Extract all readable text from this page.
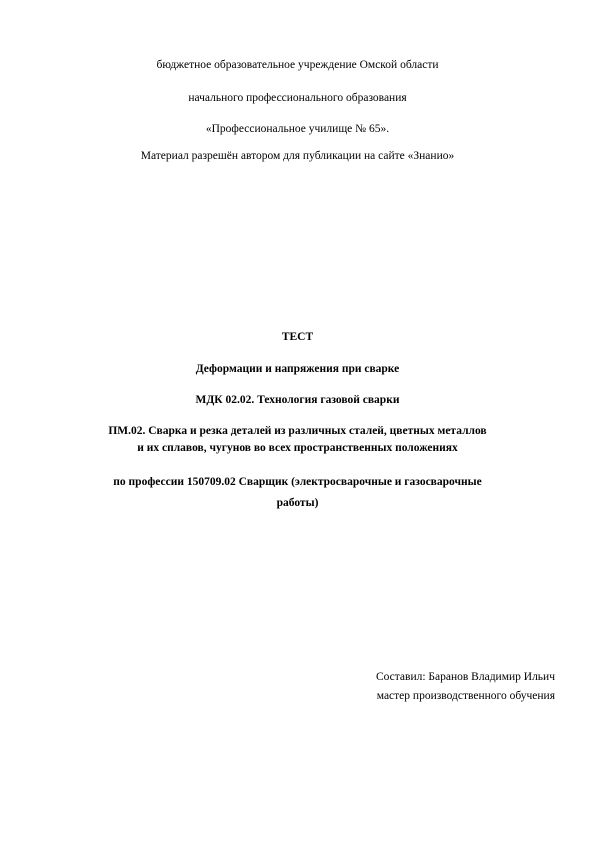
бюджетное образовательное учреждение Омской области
начального профессионального образования
«Профессиональное училище № 65».
Материал разрешён автором для публикации на сайте «Знанио»
ТЕСТ
Деформации и напряжения при сварке
МДК 02.02. Технология газовой сварки
ПМ.02. Сварка и резка деталей из различных сталей, цветных металлов
и их сплавов, чугунов во всех пространственных положениях
по профессии 150709.02 Сварщик (электросварочные и газосварочные
работы)
Составил: Баранов Владимир Ильич
мастер производственного обучения
